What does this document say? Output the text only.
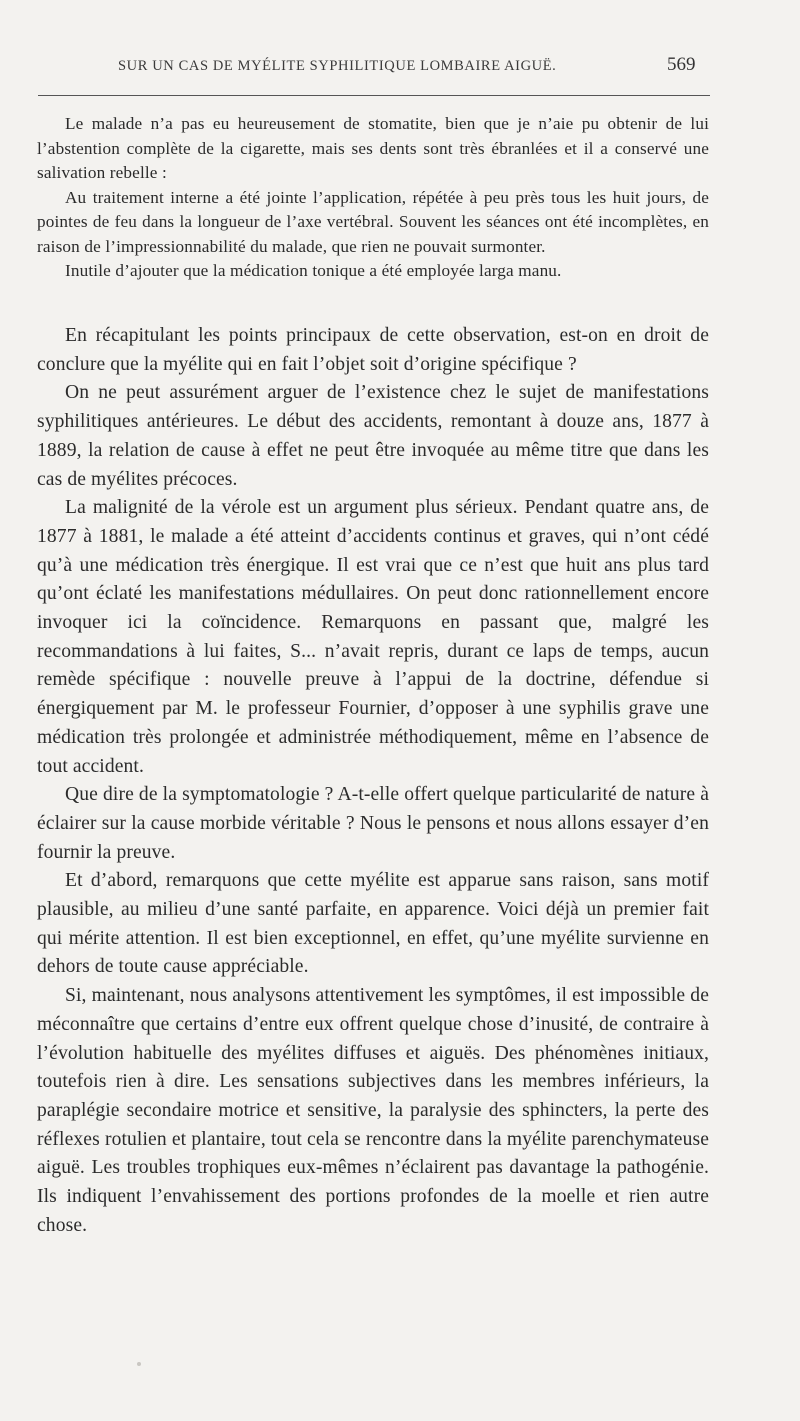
SUR UN CAS DE MYÉLITE SYPHILITIQUE LOMBAIRE AIGUË.	569

Le malade n’a pas eu heureusement de stomatite, bien que je n’aie pu obtenir de lui l’abstention complète de la cigarette, mais ses dents sont très ébranlées et il a conservé une salivation rebelle :

Au traitement interne a été jointe l’application, répétée à peu près tous les huit jours, de pointes de feu dans la longueur de l’axe vertébral. Souvent les séances ont été incomplètes, en raison de l’impressionnabilité du malade, que rien ne pouvait surmonter.

Inutile d’ajouter que la médication tonique a été employée larga manu.

En récapitulant les points principaux de cette observation, est-on en droit de conclure que la myélite qui en fait l’objet soit d’origine spécifique ?

On ne peut assurément arguer de l’existence chez le sujet de manifestations syphilitiques antérieures. Le début des accidents, remontant à douze ans, 1877 à 1889, la relation de cause à effet ne peut être invoquée au même titre que dans les cas de myélites précoces.

La malignité de la vérole est un argument plus sérieux. Pendant quatre ans, de 1877 à 1881, le malade a été atteint d’accidents continus et graves, qui n’ont cédé qu’à une médication très énergique. Il est vrai que ce n’est que huit ans plus tard qu’ont éclaté les manifestations médullaires. On peut donc rationnellement encore invoquer ici la coïncidence. Remarquons en passant que, malgré les recommandations à lui faites, S... n’avait repris, durant ce laps de temps, aucun remède spécifique : nouvelle preuve à l’appui de la doctrine, défendue si énergiquement par M. le professeur Fournier, d’opposer à une syphilis grave une médication très prolongée et administrée méthodiquement, même en l’absence de tout accident.

Que dire de la symptomatologie ? A-t-elle offert quelque particularité de nature à éclairer sur la cause morbide véritable ? Nous le pensons et nous allons essayer d’en fournir la preuve.

Et d’abord, remarquons que cette myélite est apparue sans raison, sans motif plausible, au milieu d’une santé parfaite, en apparence. Voici déjà un premier fait qui mérite attention. Il est bien exceptionnel, en effet, qu’une myélite survienne en dehors de toute cause appréciable.

Si, maintenant, nous analysons attentivement les symptômes, il est impossible de méconnaître que certains d’entre eux offrent quelque chose d’inusité, de contraire à l’évolution habituelle des myélites diffuses et aiguës. Des phénomènes initiaux, toutefois rien à dire. Les sensations subjectives dans les membres inférieurs, la paraplégie secondaire motrice et sensitive, la paralysie des sphincters, la perte des réflexes rotulien et plantaire, tout cela se rencontre dans la myélite parenchymateuse aiguë. Les troubles trophiques eux-mêmes n’éclairent pas davantage la pathogénie. Ils indiquent l’envahissement des portions profondes de la moelle et rien autre chose.
